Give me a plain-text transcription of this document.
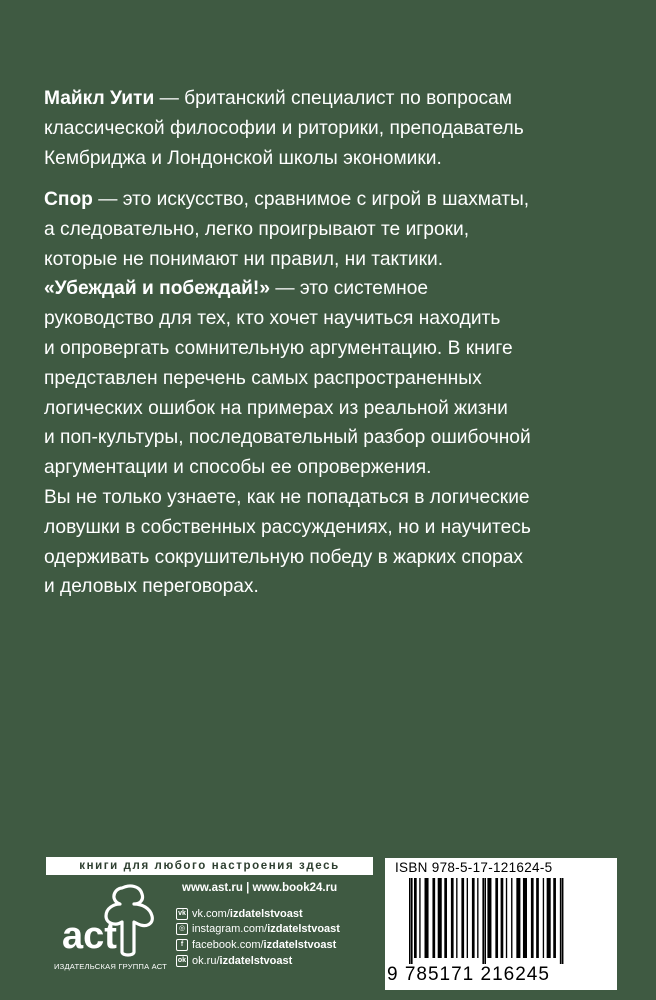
Майкл Уити — британский специалист по вопросам
классической философии и риторики, преподаватель
Кембриджа и Лондонской школы экономики.

Спор — это искусство, сравнимое с игрой в шахматы,
а следовательно, легко проигрывают те игроки,
которые не понимают ни правил, ни тактики.
«Убеждай и побеждай!» — это системное
руководство для тех, кто хочет научиться находить
и опровергать сомнительную аргументацию. В книге
представлен перечень самых распространенных
логических ошибок на примерах из реальной жизни
и поп-культуры, последовательный разбор ошибочной
аргументации и способы ее опровержения.
Вы не только узнаете, как не попадаться в логические
ловушки в собственных рассуждениях, но и научитесь
одерживать сокрушительную победу в жарких спорах
и деловых переговорах.

книги для любого настроения здесь
act
ИЗДАТЕЛЬСКАЯ ГРУППА АСТ
www.ast.ru | www.book24.ru
vk vk.com/ izdatelstvoast
◎ instagram.com/ izdatelstvoast
f facebook.com/ izdatelstvoast
ok ok.ru/ izdatelstvoast
ISBN 978-5-17-121624-5
9 785171 216245
